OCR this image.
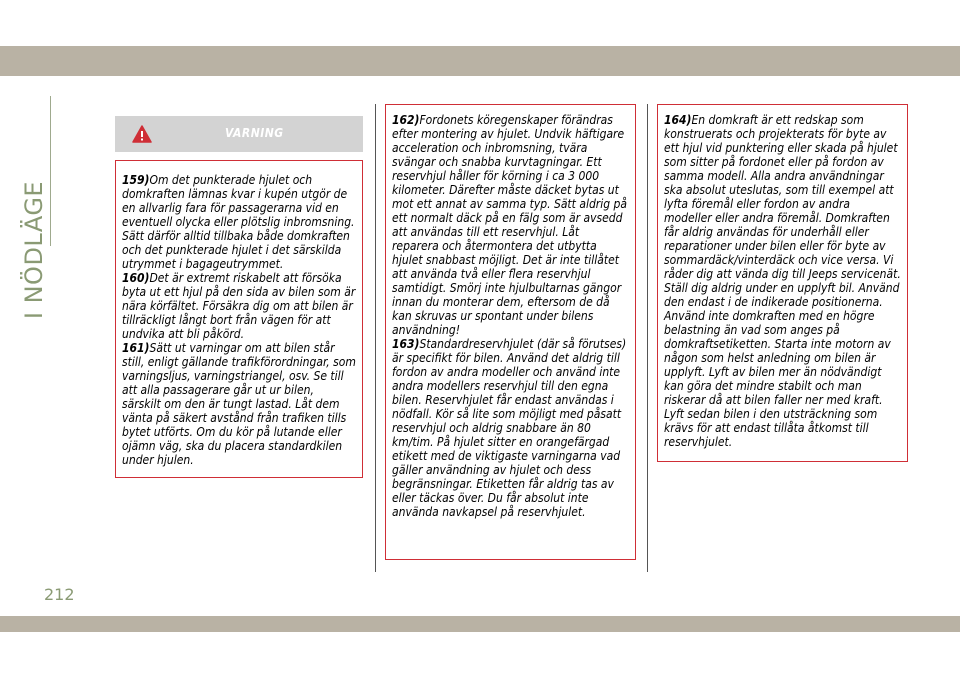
I NÖDLÄGE
VARNING

159)Om det punkterade hjulet och domkraften lämnas kvar i kupén utgör de en allvarlig fara för passagerarna vid en eventuell olycka eller plötslig inbromsning. Sätt därför alltid tillbaka både domkraften och det punkterade hjulet i det särskilda utrymmet i bagageutrymmet.

160)Det är extremt riskabelt att försöka byta ut ett hjul på den sida av bilen som är nära körfältet. Försäkra dig om att bilen är tillräckligt långt bort från vägen för att undvika att bli påkörd.

161)Sätt ut varningar om att bilen står still, enligt gällande trafikförordningar, som varningsljus, varningstriangel, osv. Se till att alla passagerare går ut ur bilen, särskilt om den är tungt lastad. Låt dem vänta på säkert avstånd från trafiken tills bytet utförts. Om du kör på lutande eller ojämn väg, ska du placera standardkilen under hjulen.

162)Fordonets köregenskaper förändras efter montering av hjulet. Undvik häftigare acceleration och inbromsning, tvära svängar och snabba kurvtagningar. Ett reservhjul håller för körning i ca 3 000 kilometer. Därefter måste däcket bytas ut mot ett annat av samma typ. Sätt aldrig på ett normalt däck på en fälg som är avsedd att användas till ett reservhjul. Låt reparera och återmontera det utbytta hjulet snabbast möjligt. Det är inte tillåtet att använda två eller flera reservhjul samtidigt. Smörj inte hjulbultarnas gängor innan du monterar dem, eftersom de då kan skruvas ur spontant under bilens användning!

163)Standardreservhjulet (där så förutses) är specifikt för bilen. Använd det aldrig till fordon av andra modeller och använd inte andra modellers reservhjul till den egna bilen. Reservhjulet får endast användas i nödfall. Kör så lite som möjligt med påsatt reservhjul och aldrig snabbare än 80 km/tim. På hjulet sitter en orangefärgad etikett med de viktigaste varningarna vad gäller användning av hjulet och dess begränsningar. Etiketten får aldrig tas av eller täckas över. Du får absolut inte använda navkapsel på reservhjulet.

164)En domkraft är ett redskap som konstruerats och projekterats för byte av ett hjul vid punktering eller skada på hjulet som sitter på fordonet eller på fordon av samma modell. Alla andra användningar ska absolut uteslutas, som till exempel att lyfta föremål eller fordon av andra modeller eller andra föremål. Domkraften får aldrig användas för underhåll eller reparationer under bilen eller för byte av sommardäck/vinterdäck och vice versa. Vi råder dig att vända dig till Jeeps servicenät. Ställ dig aldrig under en upplyft bil. Använd den endast i de indikerade positionerna. Använd inte domkraften med en högre belastning än vad som anges på domkraftsetiketten. Starta inte motorn av någon som helst anledning om bilen är upplyft. Lyft av bilen mer än nödvändigt kan göra det mindre stabilt och man riskerar då att bilen faller ner med kraft. Lyft sedan bilen i den utsträckning som krävs för att endast tillåta åtkomst till reservhjulet.

212
